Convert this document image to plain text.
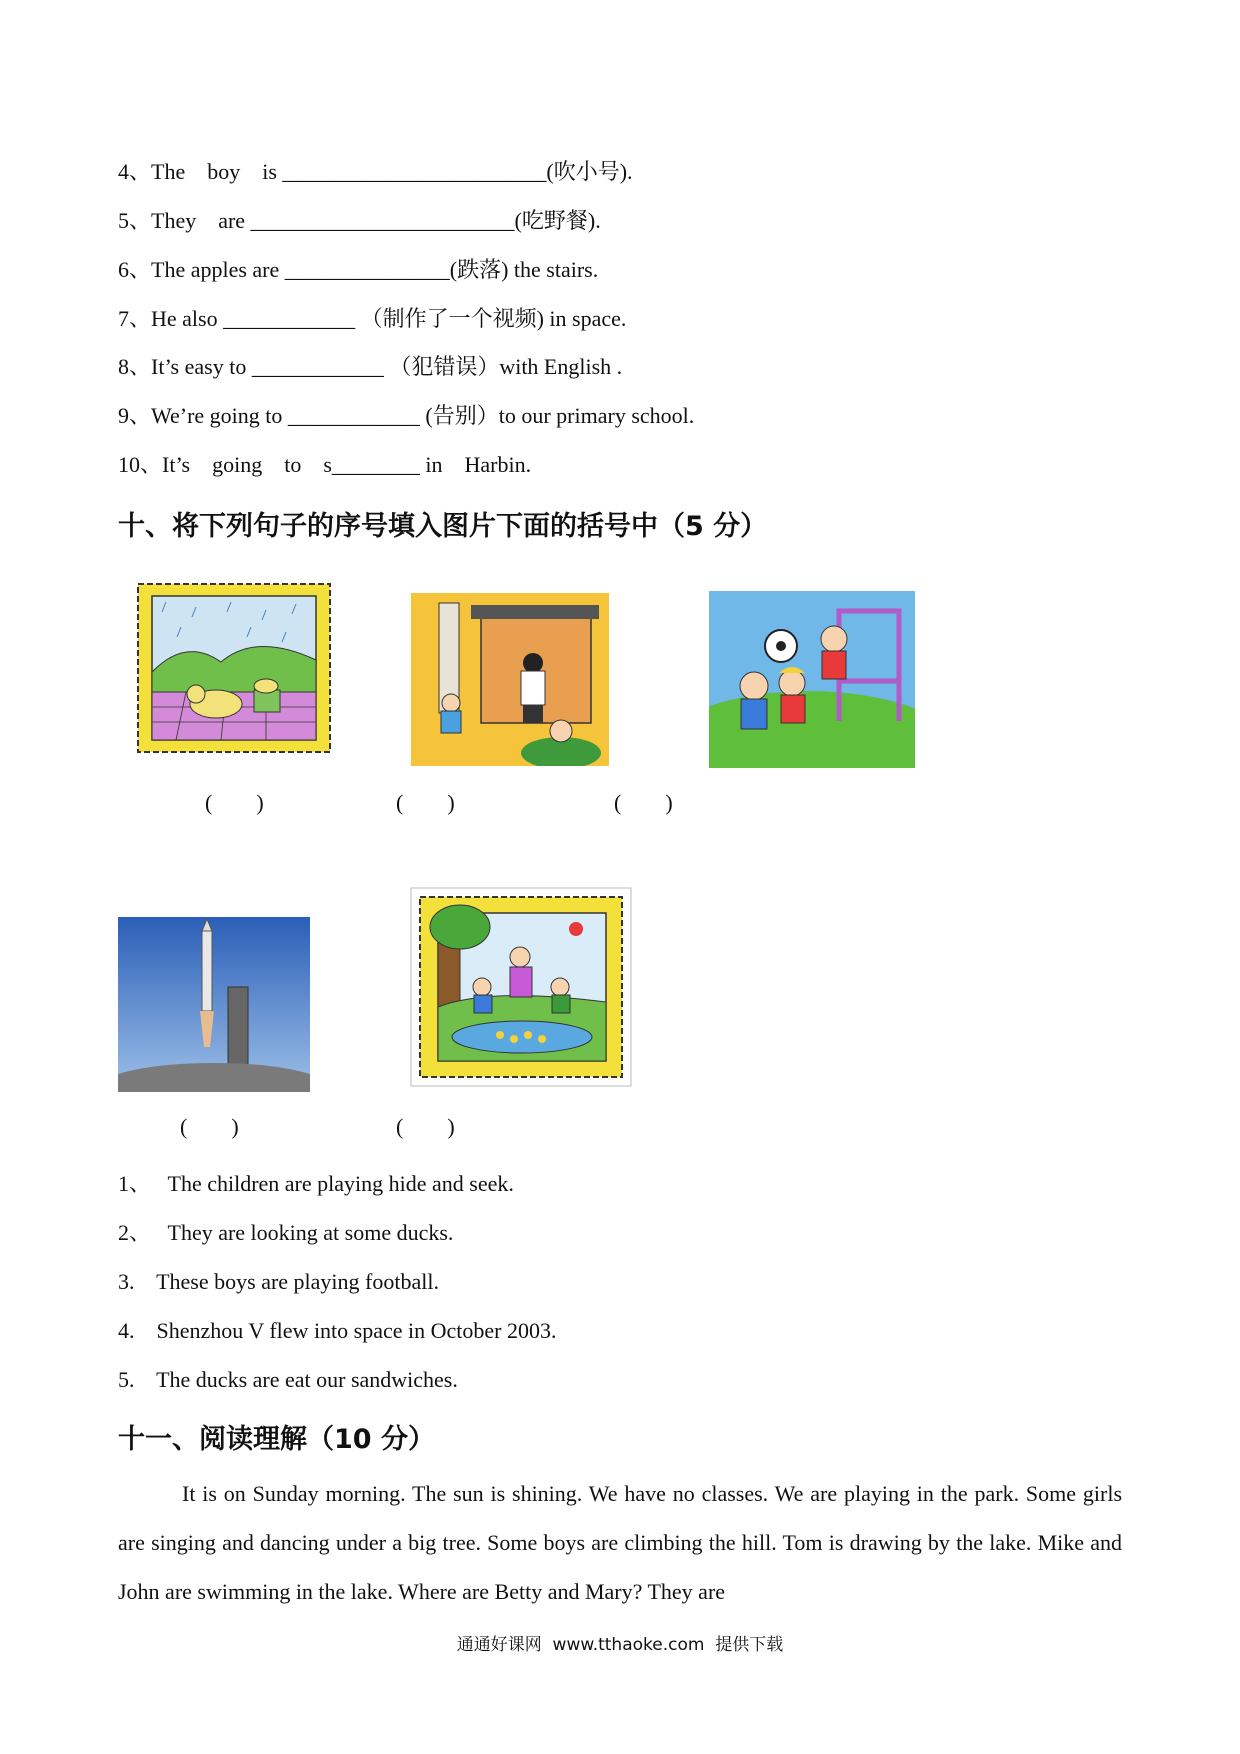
4、The    boy    is ________________________(吹小号).
5、They    are ________________________(吃野餐).
6、The apples are _______________(跌落) the stairs.
7、He also ____________ （制作了一个视频) in space.
8、It’s easy to ____________ （犯错误）with English .
9、We’re going to ____________ (告别）to our primary school.
10、It’s    going    to    s________ in    Harbin.
十、将下列句子的序号填入图片下面的括号中（5 分）
(        )	(        )	(        )
(        )	(        )
1、   The children are playing hide and seek.
2、   They are looking at some ducks.
3.    These boys are playing football.
4.    Shenzhou V flew into space in October 2003.
5.    The ducks are eat our sandwiches.
十一、阅读理解（10 分）
It is on Sunday morning. The sun is shining. We have no classes. We are playing in the park. Some girls are singing and dancing under a big tree. Some boys are climbing the hill. Tom is drawing by the lake. Mike and John are swimming in the lake. Where are Betty and Mary? They are
通通好课网  www.tthaoke.com  提供下载
